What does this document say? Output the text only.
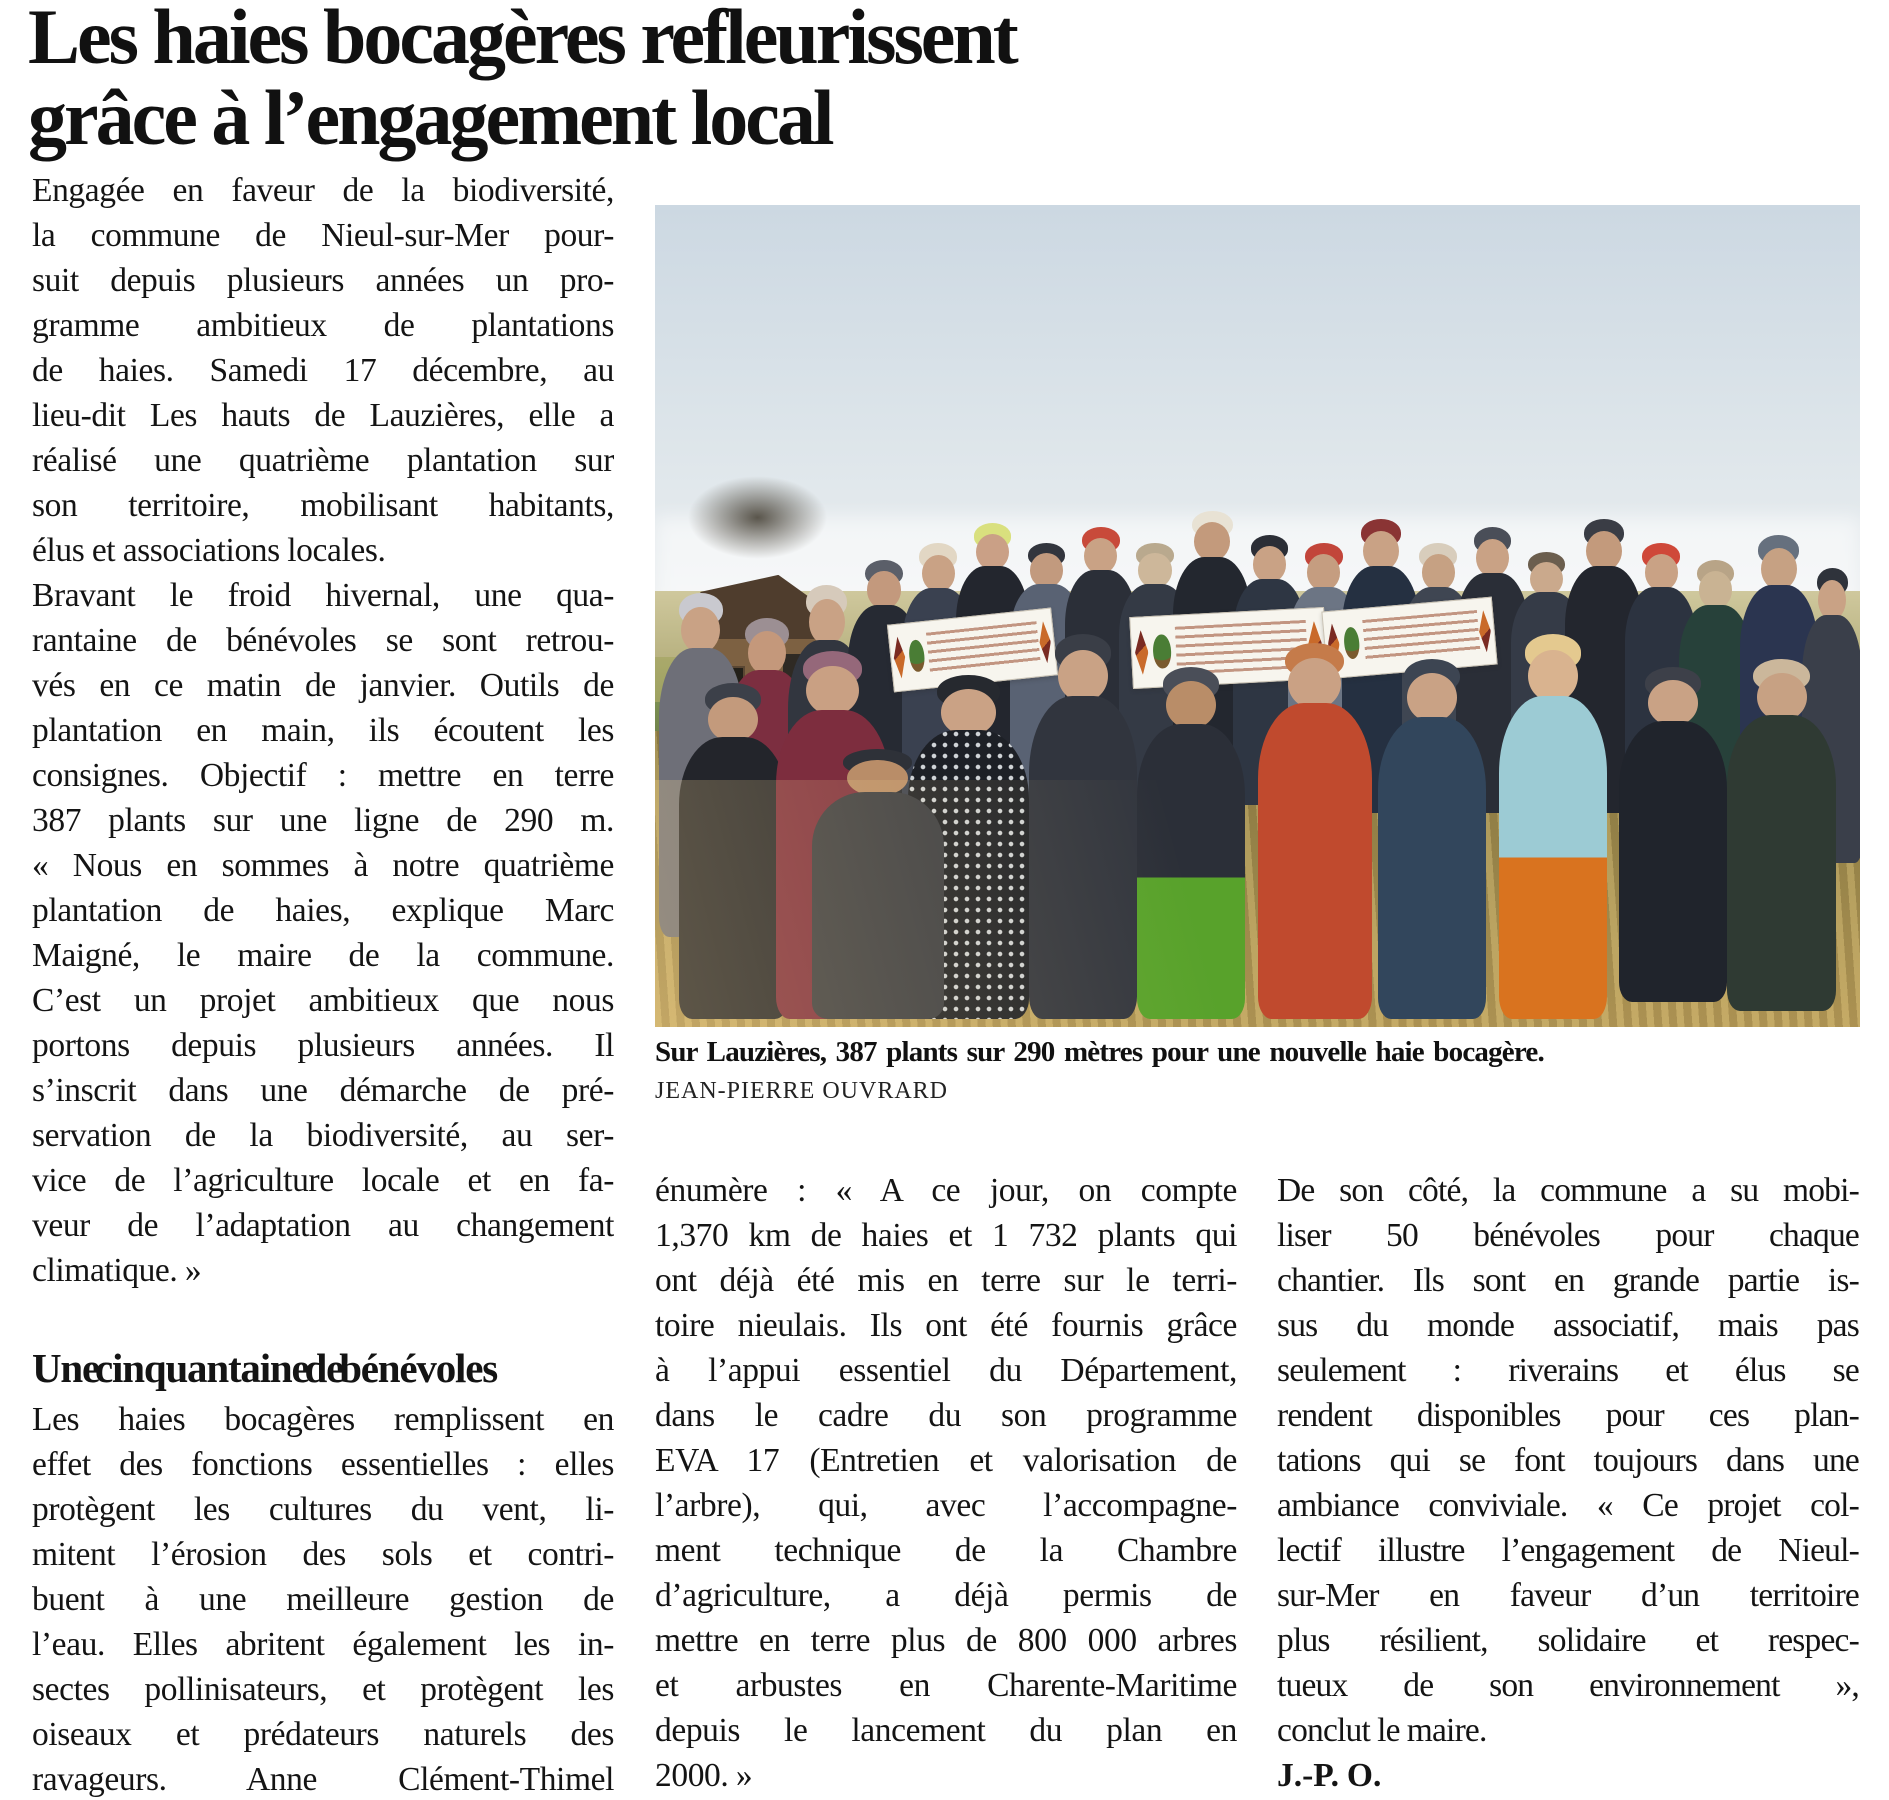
Les haies bocagères refleurissent
grâce à l’engagement local
Engagée en faveur de la biodiversité,
la commune de Nieul-sur-Mer pour-
suit depuis plusieurs années un pro-
gramme ambitieux de plantations
de haies. Samedi 17 décembre, au
lieu-dit Les hauts de Lauzières, elle a
réalisé une quatrième plantation sur
son territoire, mobilisant habitants,
élus et associations locales.
Bravant le froid hivernal, une qua-
rantaine de bénévoles se sont retrou-
vés en ce matin de janvier. Outils de
plantation en main, ils écoutent les
consignes. Objectif : mettre en terre
387 plants sur une ligne de 290 m.
« Nous en sommes à notre quatrième
plantation de haies, explique Marc
Maigné, le maire de la commune.
C’est un projet ambitieux que nous
portons depuis plusieurs années. Il
s’inscrit dans une démarche de pré-
servation de la biodiversité, au ser-
vice de l’agriculture locale et en fa-
veur de l’adaptation au changement
climatique. »
Une cinquantaine de bénévoles
Les haies bocagères remplissent en
effet des fonctions essentielles : elles
protègent les cultures du vent, li-
mitent l’érosion des sols et contri-
buent à une meilleure gestion de
l’eau. Elles abritent également les in-
sectes pollinisateurs, et protègent les
oiseaux et prédateurs naturels des
ravageurs. Anne Clément-Thimel
Sur Lauzières, 387 plants sur 290 mètres pour une nouvelle haie bocagère.
JEAN-PIERRE OUVRARD
énumère : « A ce jour, on compte
1,370 km de haies et 1 732 plants qui
ont déjà été mis en terre sur le terri-
toire nieulais. Ils ont été fournis grâce
à l’appui essentiel du Département,
dans le cadre du son programme
EVA 17 (Entretien et valorisation de
l’arbre), qui, avec l’accompagne-
ment technique de la Chambre
d’agriculture, a déjà permis de
mettre en terre plus de 800 000 arbres
et arbustes en Charente-Maritime
depuis le lancement du plan en
2000. »
De son côté, la commune a su mobi-
liser 50 bénévoles pour chaque
chantier. Ils sont en grande partie is-
sus du monde associatif, mais pas
seulement : riverains et élus se
rendent disponibles pour ces plan-
tations qui se font toujours dans une
ambiance conviviale. « Ce projet col-
lectif illustre l’engagement de Nieul-
sur-Mer en faveur d’un territoire
plus résilient, solidaire et respec-
tueux de son environnement »,
conclut le maire.
J.-P. O.
